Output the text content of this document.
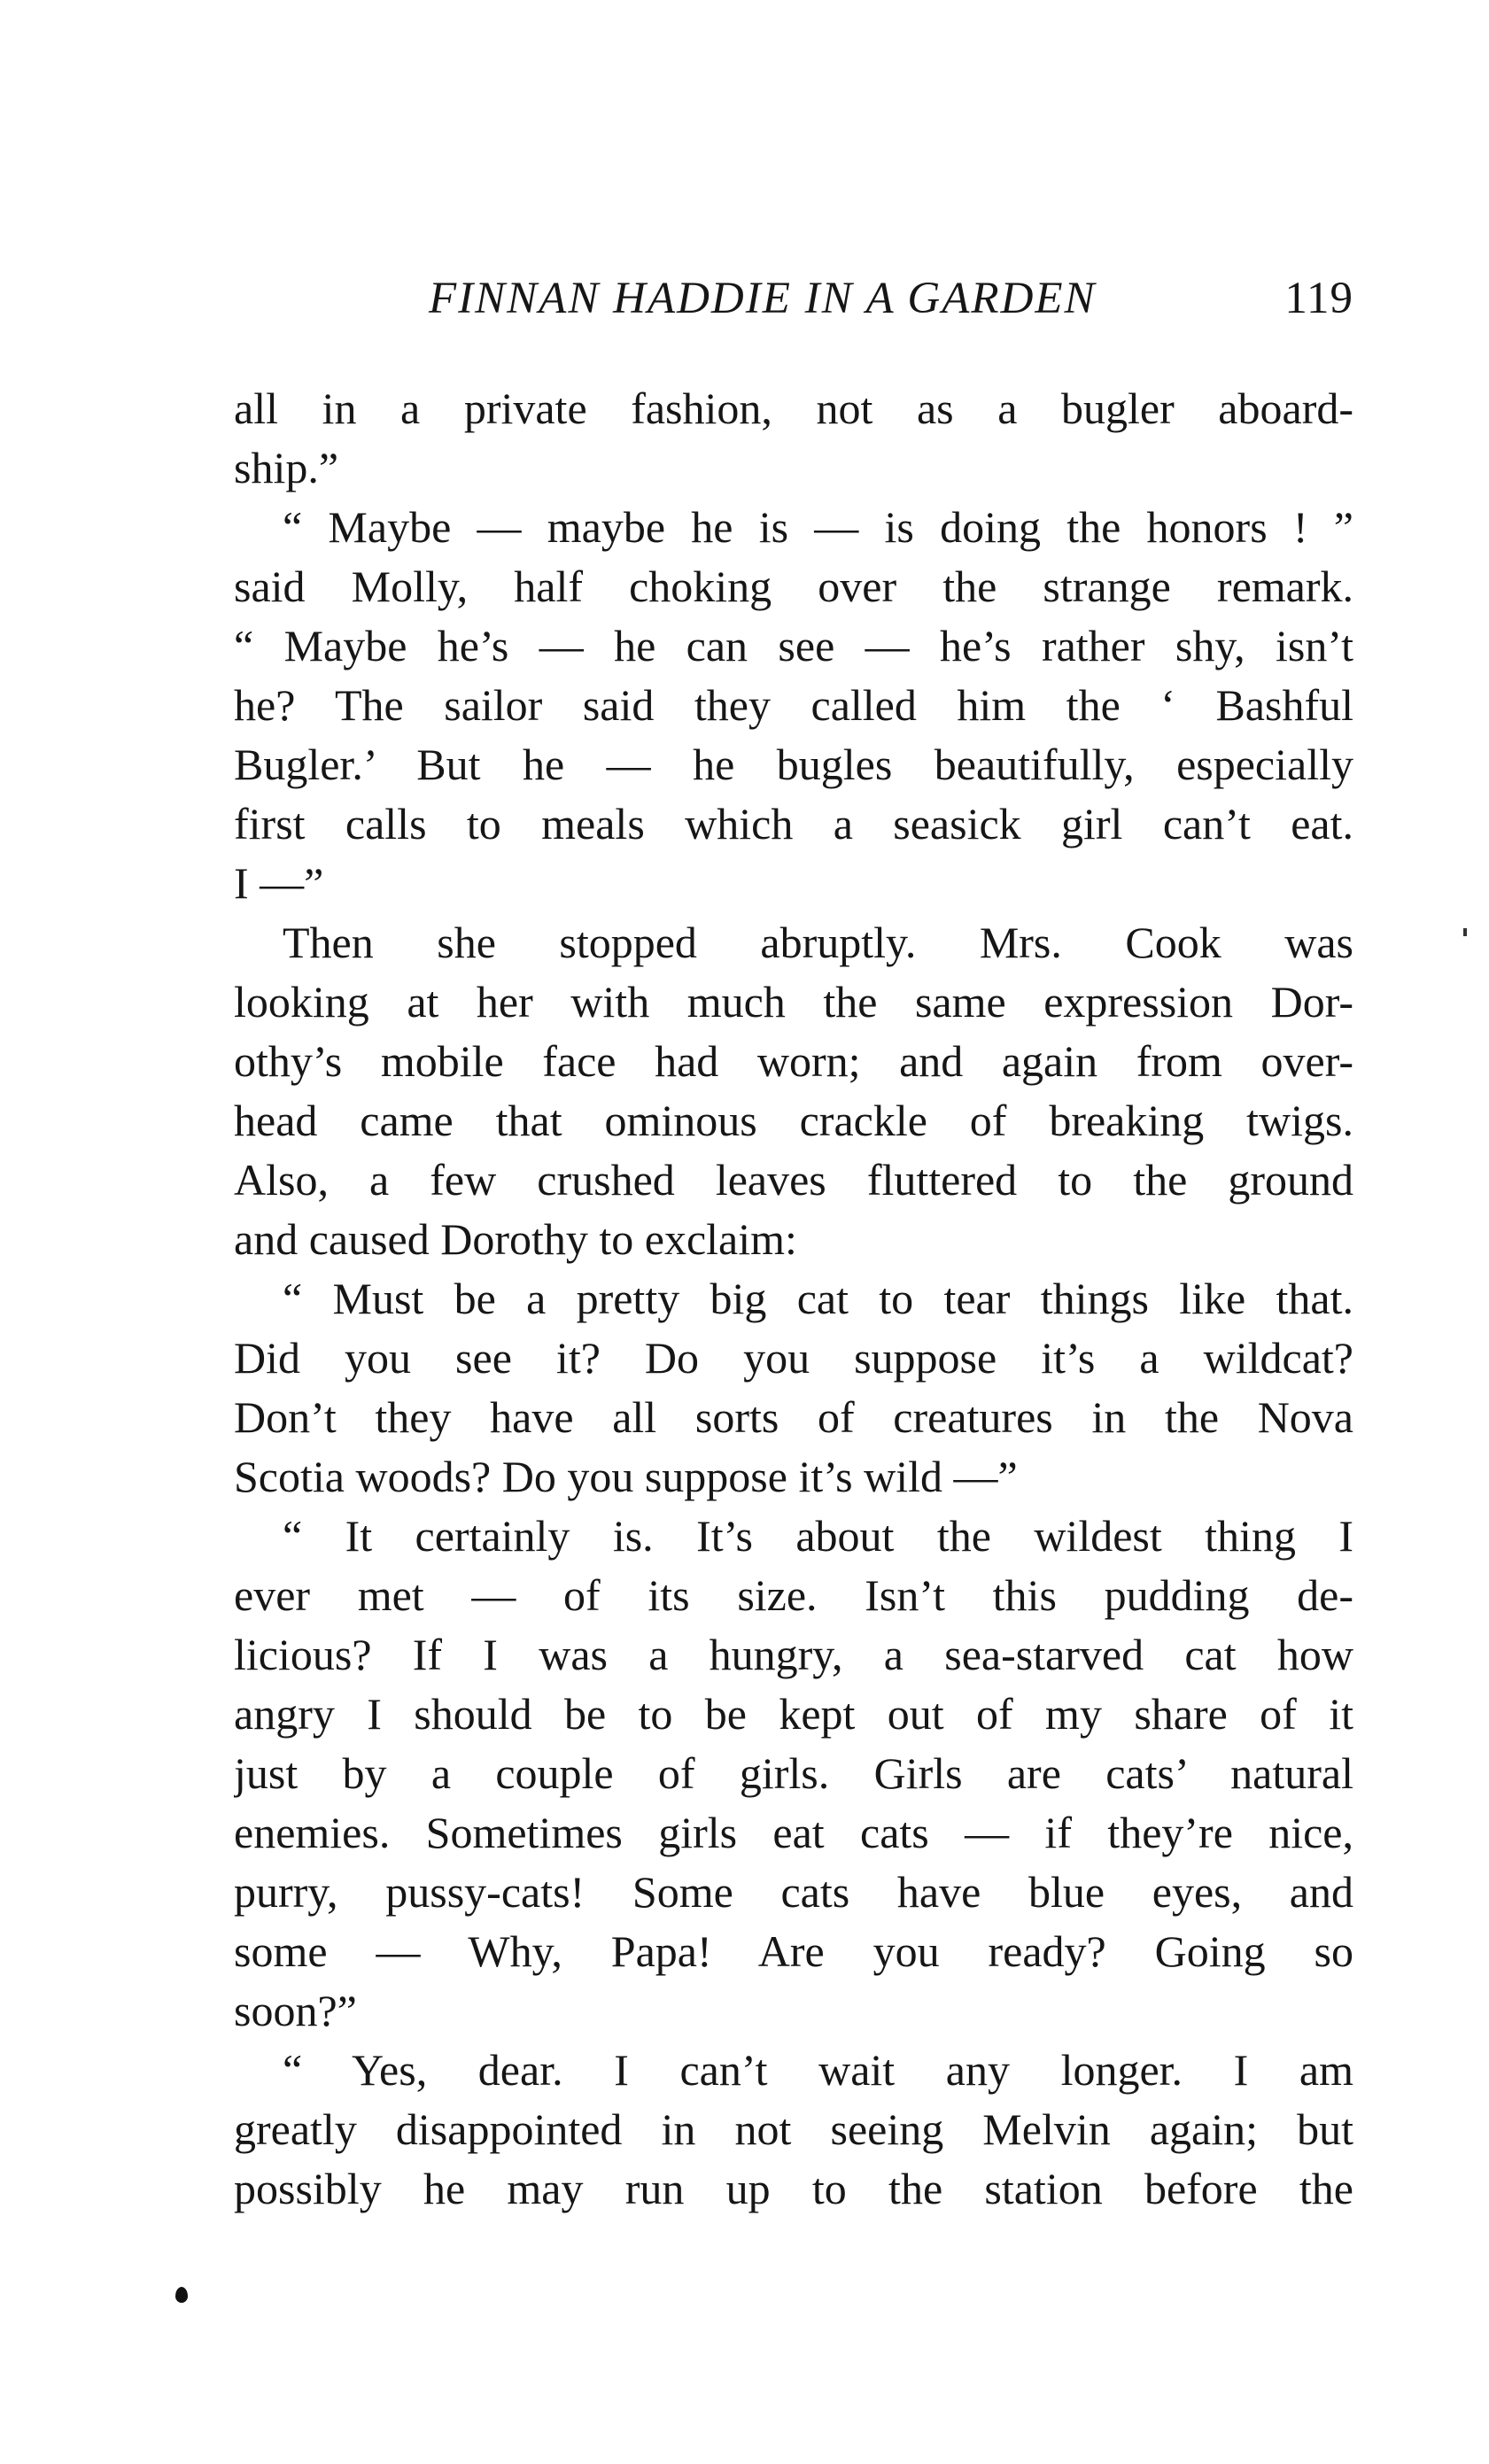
FINNAN HADDIE IN A GARDEN	119
all in a private fashion, not as a bugler aboard-
ship.”
“ Maybe — maybe he is — is doing the honors ! ”
said Molly, half choking over the strange remark.
“ Maybe he’s — he can see — he’s rather shy, isn’t
he? The sailor said they called him the ‘ Bashful
Bugler.’ But he — he bugles beautifully, especially
first calls to meals which a seasick girl can’t eat.
I —”
Then she stopped abruptly. Mrs. Cook was
looking at her with much the same expression Dor-
othy’s mobile face had worn; and again from over-
head came that ominous crackle of breaking twigs.
Also, a few crushed leaves fluttered to the ground
and caused Dorothy to exclaim:
“ Must be a pretty big cat to tear things like that.
Did you see it? Do you suppose it’s a wildcat?
Don’t they have all sorts of creatures in the Nova
Scotia woods? Do you suppose it’s wild —”
“ It certainly is. It’s about the wildest thing I
ever met — of its size. Isn’t this pudding de-
licious? If I was a hungry, a sea-starved cat how
angry I should be to be kept out of my share of it
just by a couple of girls. Girls are cats’ natural
enemies. Sometimes girls eat cats — if they’re nice,
purry, pussy-cats! Some cats have blue eyes, and
some — Why, Papa! Are you ready? Going so
soon?”
“ Yes, dear. I can’t wait any longer. I am
greatly disappointed in not seeing Melvin again; but
possibly he may run up to the station before the
